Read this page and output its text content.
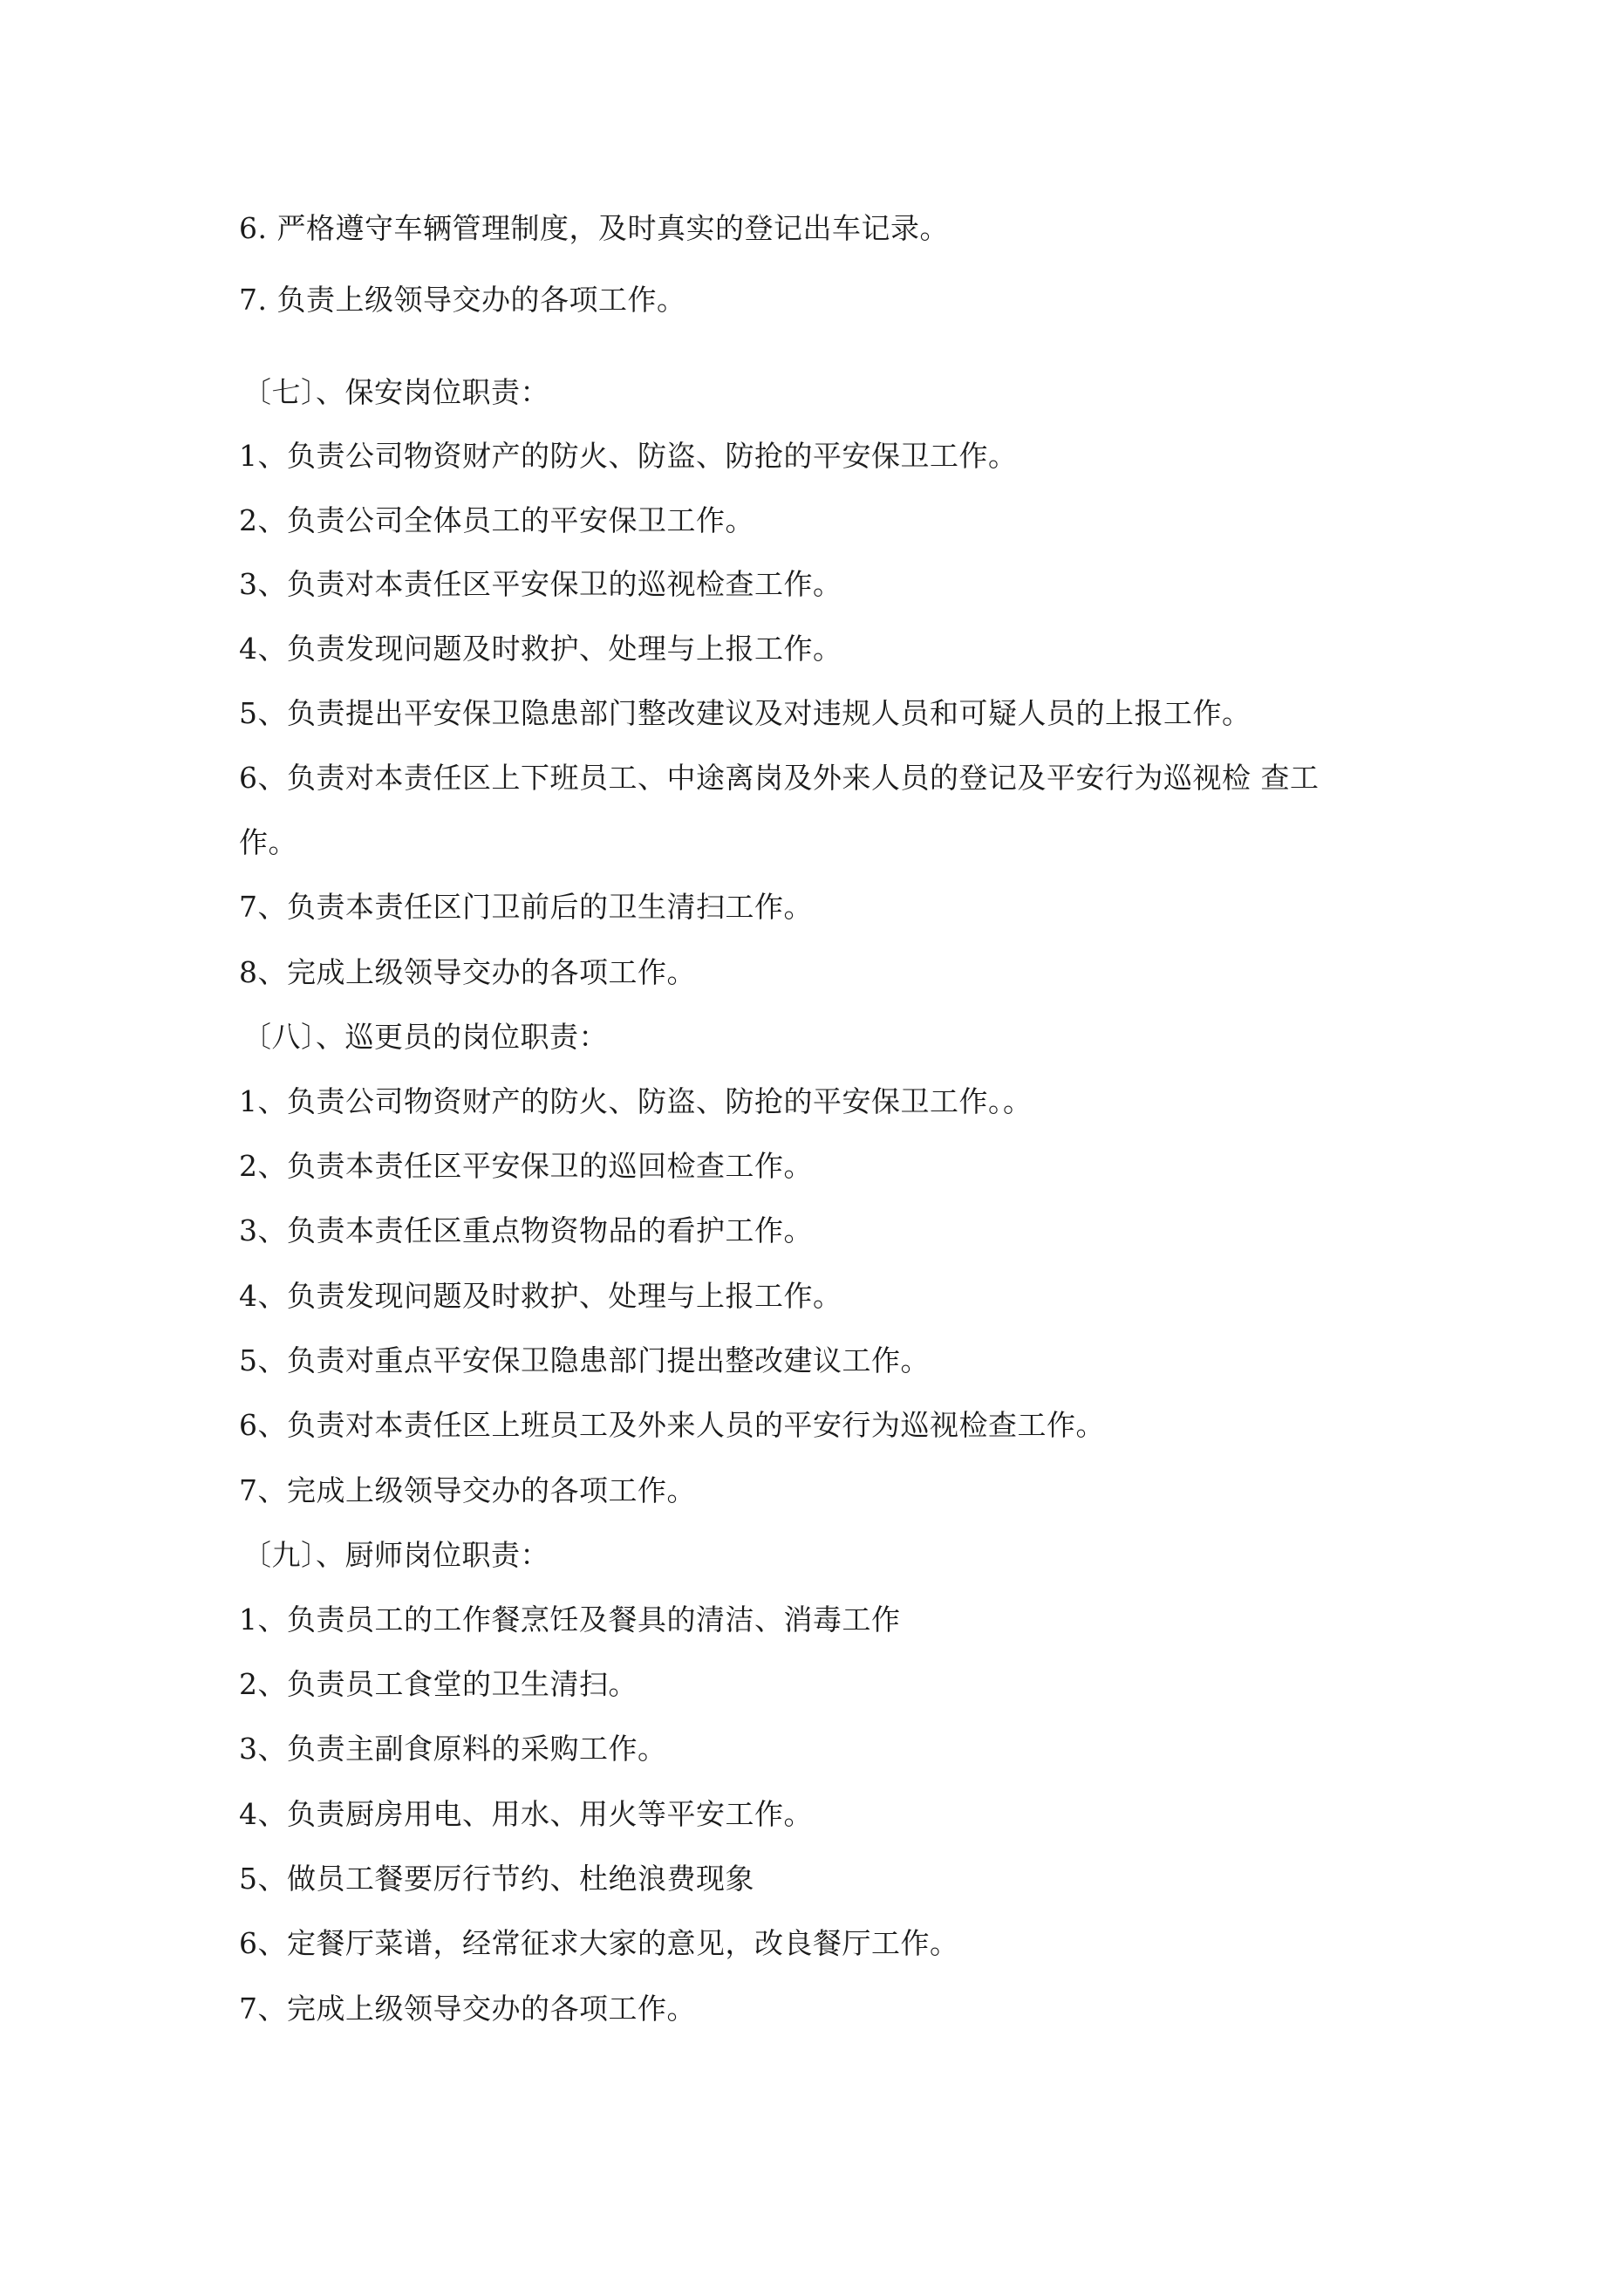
6. 严格遵守车辆管理制度，及时真实的登记出车记录。
7. 负责上级领导交办的各项工作。
〔七〕、保安岗位职责：
1、负责公司物资财产的防火、防盗、防抢的平安保卫工作。
2、负责公司全体员工的平安保卫工作。
3、负责对本责任区平安保卫的巡视检查工作。
4、负责发现问题及时救护、处理与上报工作。
5、负责提出平安保卫隐患部门整改建议及对违规人员和可疑人员的上报工作。
6、负责对本责任区上下班员工、中途离岗及外来人员的登记及平安行为巡视检 查工
作。
7、负责本责任区门卫前后的卫生清扫工作。
8、完成上级领导交办的各项工作。
〔八〕、巡更员的岗位职责：
1、负责公司物资财产的防火、防盗、防抢的平安保卫工作。。
2、负责本责任区平安保卫的巡回检查工作。
3、负责本责任区重点物资物品的看护工作。
4、负责发现问题及时救护、处理与上报工作。
5、负责对重点平安保卫隐患部门提出整改建议工作。
6、负责对本责任区上班员工及外来人员的平安行为巡视检查工作。
7、完成上级领导交办的各项工作。
〔九〕、厨师岗位职责：
1、负责员工的工作餐烹饪及餐具的清洁、消毒工作
2、负责员工食堂的卫生清扫。
3、负责主副食原料的采购工作。
4、负责厨房用电、用水、用火等平安工作。
5、做员工餐要厉行节约、杜绝浪费现象
6、定餐厅菜谱，经常征求大家的意见，改良餐厅工作。
7、完成上级领导交办的各项工作。
